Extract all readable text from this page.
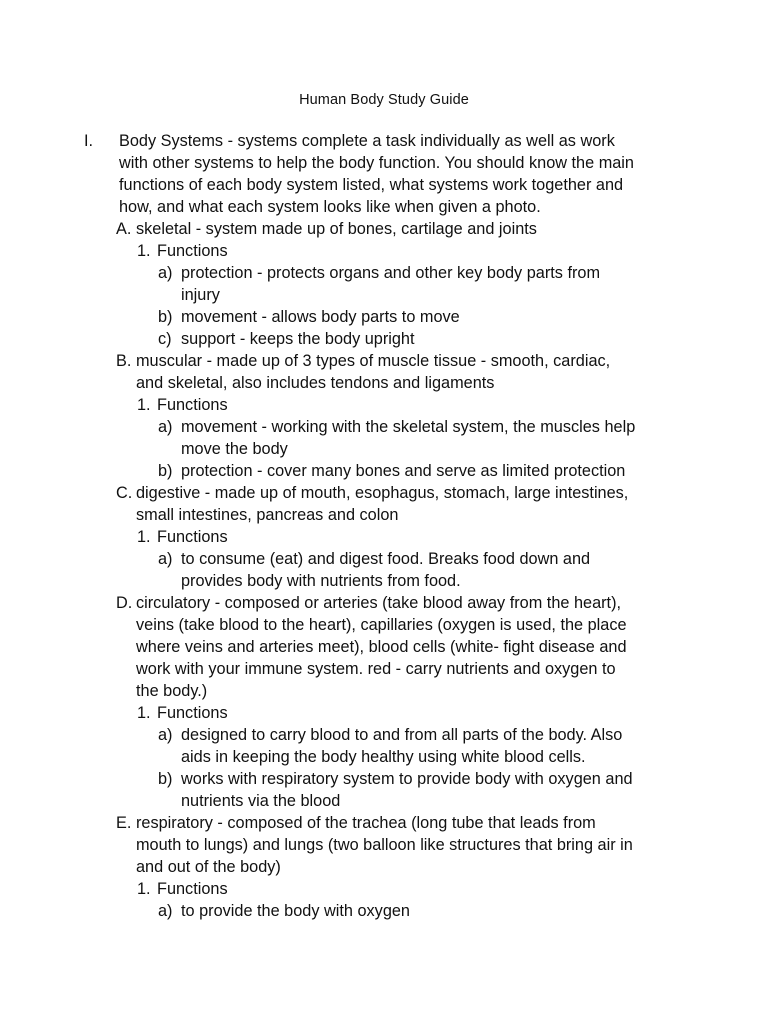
Human Body Study Guide
I. Body Systems - systems complete a task individually as well as work
with other systems to help the body function. You should know the main
functions of each body system listed, what systems work together and
how, and what each system looks like when given a photo.
A. skeletal - system made up of bones, cartilage and joints
1. Functions
a) protection - protects organs and other key body parts from
injury
b) movement - allows body parts to move
c) support - keeps the body upright
B. muscular - made up of 3 types of muscle tissue - smooth, cardiac,
and skeletal, also includes tendons and ligaments
1. Functions
a) movement - working with the skeletal system, the muscles help
move the body
b) protection - cover many bones and serve as limited protection
C. digestive - made up of mouth, esophagus, stomach, large intestines,
small intestines, pancreas and colon
1. Functions
a) to consume (eat) and digest food. Breaks food down and
provides body with nutrients from food.
D. circulatory - composed or arteries (take blood away from the heart),
veins (take blood to the heart), capillaries (oxygen is used, the place
where veins and arteries meet), blood cells (white- fight disease and
work with your immune system. red - carry nutrients and oxygen to
the body.)
1. Functions
a) designed to carry blood to and from all parts of the body. Also
aids in keeping the body healthy using white blood cells.
b) works with respiratory system to provide body with oxygen and
nutrients via the blood
E. respiratory - composed of the trachea (long tube that leads from
mouth to lungs) and lungs (two balloon like structures that bring air in
and out of the body)
1. Functions
a) to provide the body with oxygen
